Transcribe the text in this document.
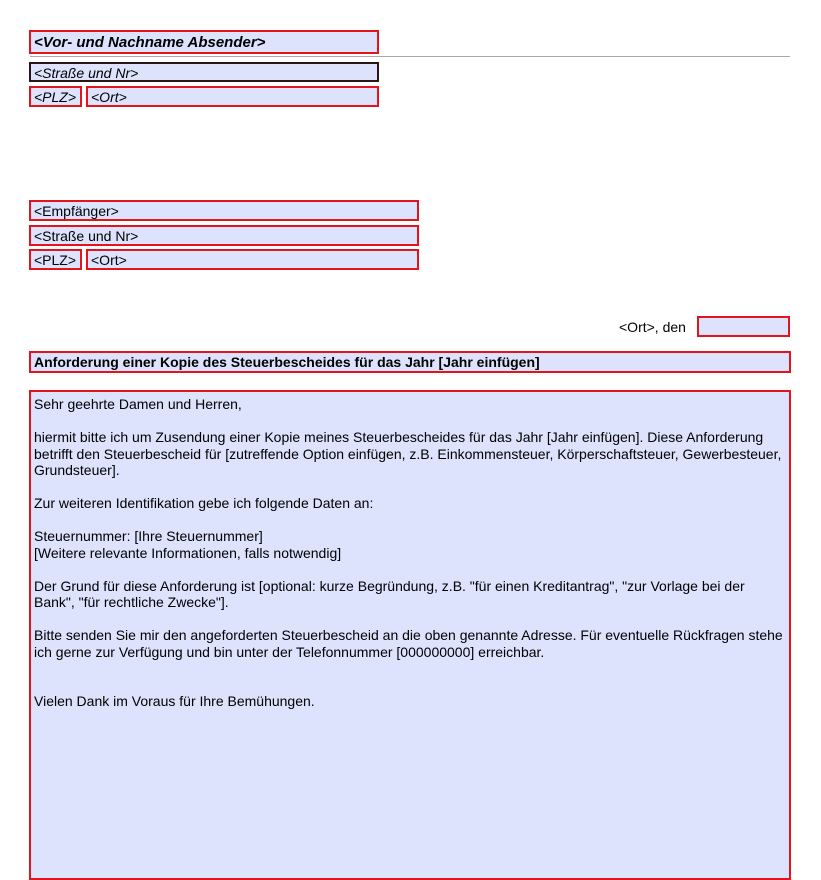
<Vor- und Nachname Absender>
<Straße und Nr>
<PLZ>	<Ort>
<Empfänger>
<Straße und Nr>
<PLZ>	<Ort>
<Ort>, den
Anforderung einer Kopie des Steuerbescheides für das Jahr [Jahr einfügen]

Sehr geehrte Damen und Herren,

hiermit bitte ich um Zusendung einer Kopie meines Steuerbescheides für das Jahr [Jahr einfügen]. Diese Anforderung betrifft den Steuerbescheid für [zutreffende Option einfügen, z.B. Einkommensteuer, Körperschaftsteuer, Gewerbesteuer, Grundsteuer].

Zur weiteren Identifikation gebe ich folgende Daten an:

Steuernummer: [Ihre Steuernummer]
[Weitere relevante Informationen, falls notwendig]

Der Grund für diese Anforderung ist [optional: kurze Begründung, z.B. "für einen Kreditantrag", "zur Vorlage bei der Bank", "für rechtliche Zwecke"].

Bitte senden Sie mir den angeforderten Steuerbescheid an die oben genannte Adresse. Für eventuelle Rückfragen stehe ich gerne zur Verfügung und bin unter der Telefonnummer [000000000] erreichbar.

Vielen Dank im Voraus für Ihre Bemühungen.
